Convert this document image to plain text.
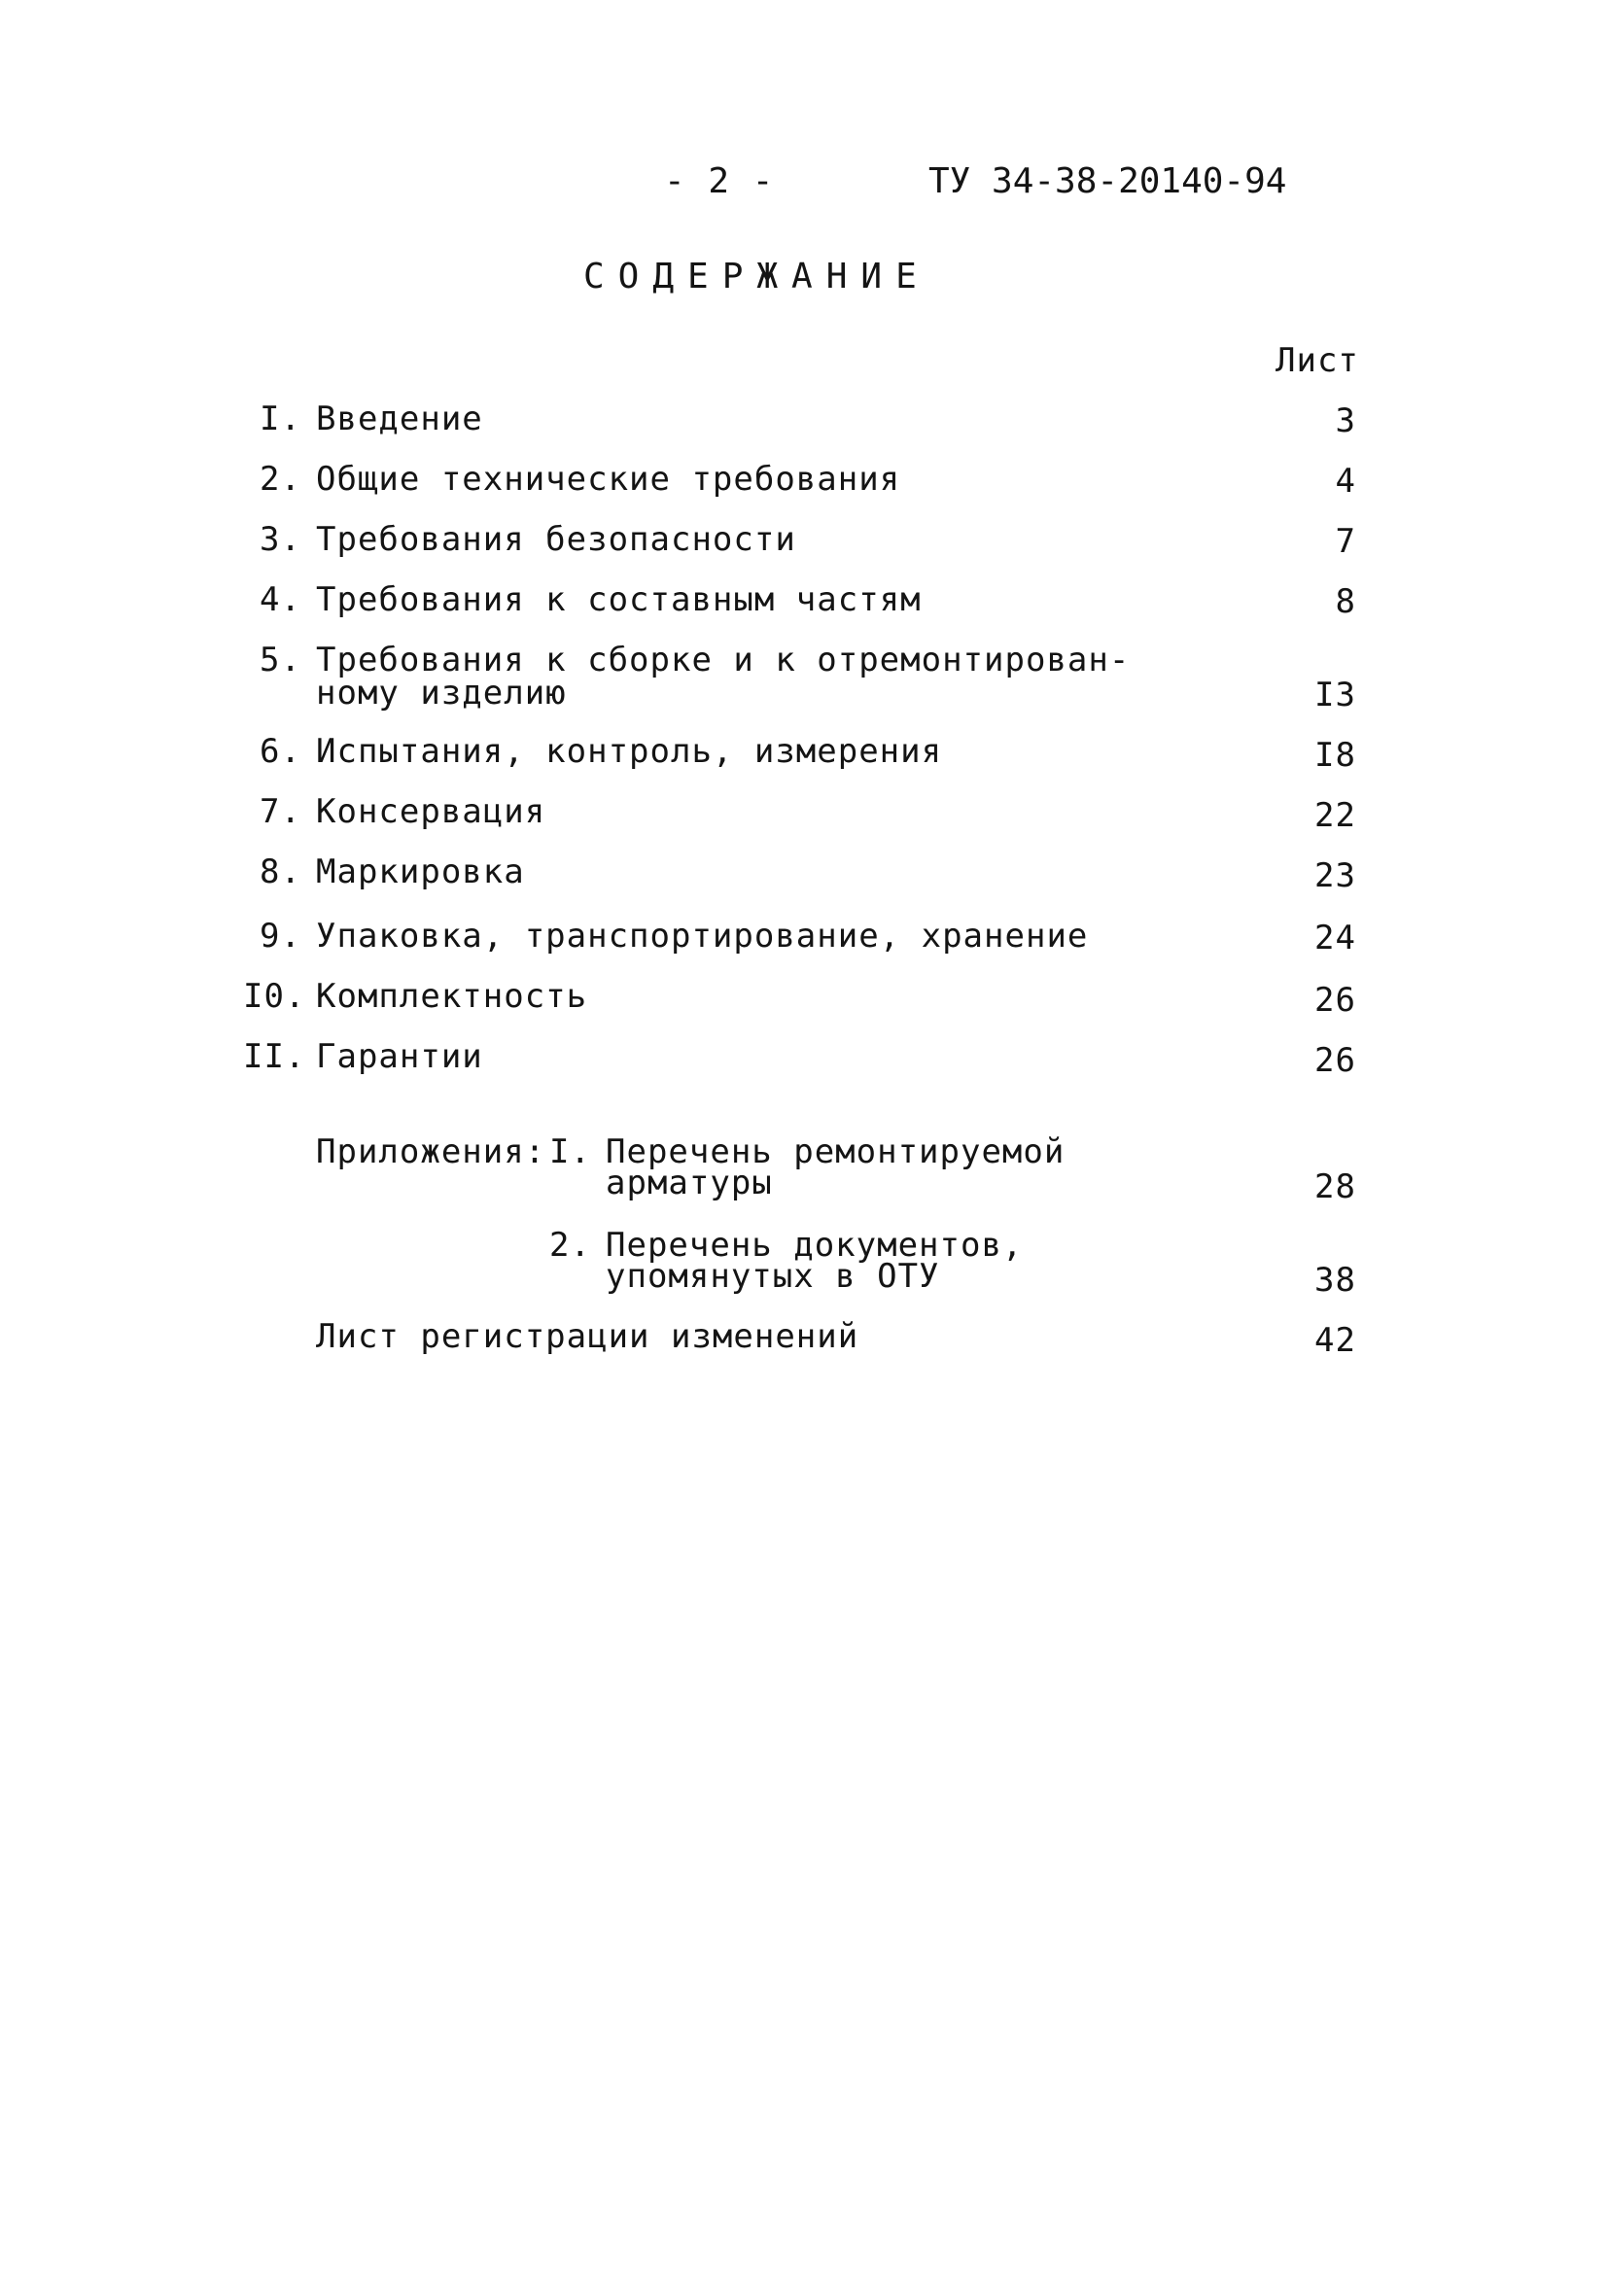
- 2 -	ТУ 34-38-20140-94
СОДЕРЖАНИЕ
Лист
I. Введение	3
2. Общие технические требования	4
3. Требования безопасности	7
4. Требования к составным частям	8
5. Требования к сборке и к отремонтирован-
ному изделию	I3
6. Испытания, контроль, измерения	I8
7. Консервация	22
8. Маркировка	23
9. Упаковка, транспортирование, хранение	24
I0. Комплектность	26
II. Гарантии	26
Приложения: I. Перечень ремонтируемой
арматуры	28
2. Перечень документов,
упомянутых в ОТУ	38
Лист регистрации изменений	42
